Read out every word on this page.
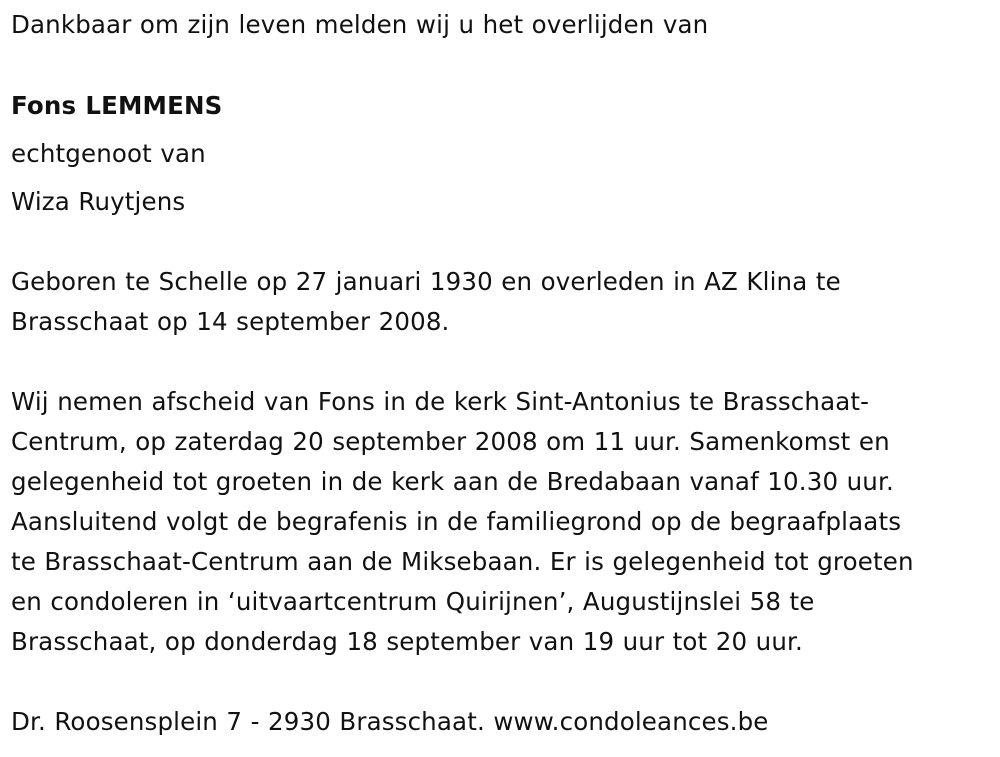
Dankbaar om zijn leven melden wij u het overlijden van
Fons LEMMENS
echtgenoot van
Wiza Ruytjens
Geboren te Schelle op 27 januari 1930 en overleden in AZ Klina te
Brasschaat op 14 september 2008.
Wij nemen afscheid van Fons in de kerk Sint-Antonius te Brasschaat-
Centrum, op zaterdag 20 september 2008 om 11 uur. Samenkomst en
gelegenheid tot groeten in de kerk aan de Bredabaan vanaf 10.30 uur.
Aansluitend volgt de begrafenis in de familiegrond op de begraafplaats
te Brasschaat-Centrum aan de Miksebaan. Er is gelegenheid tot groeten
en condoleren in ‘uitvaartcentrum Quirijnen’, Augustijnslei 58 te
Brasschaat, op donderdag 18 september van 19 uur tot 20 uur.
Dr. Roosensplein 7 - 2930 Brasschaat. www.condoleances.be
